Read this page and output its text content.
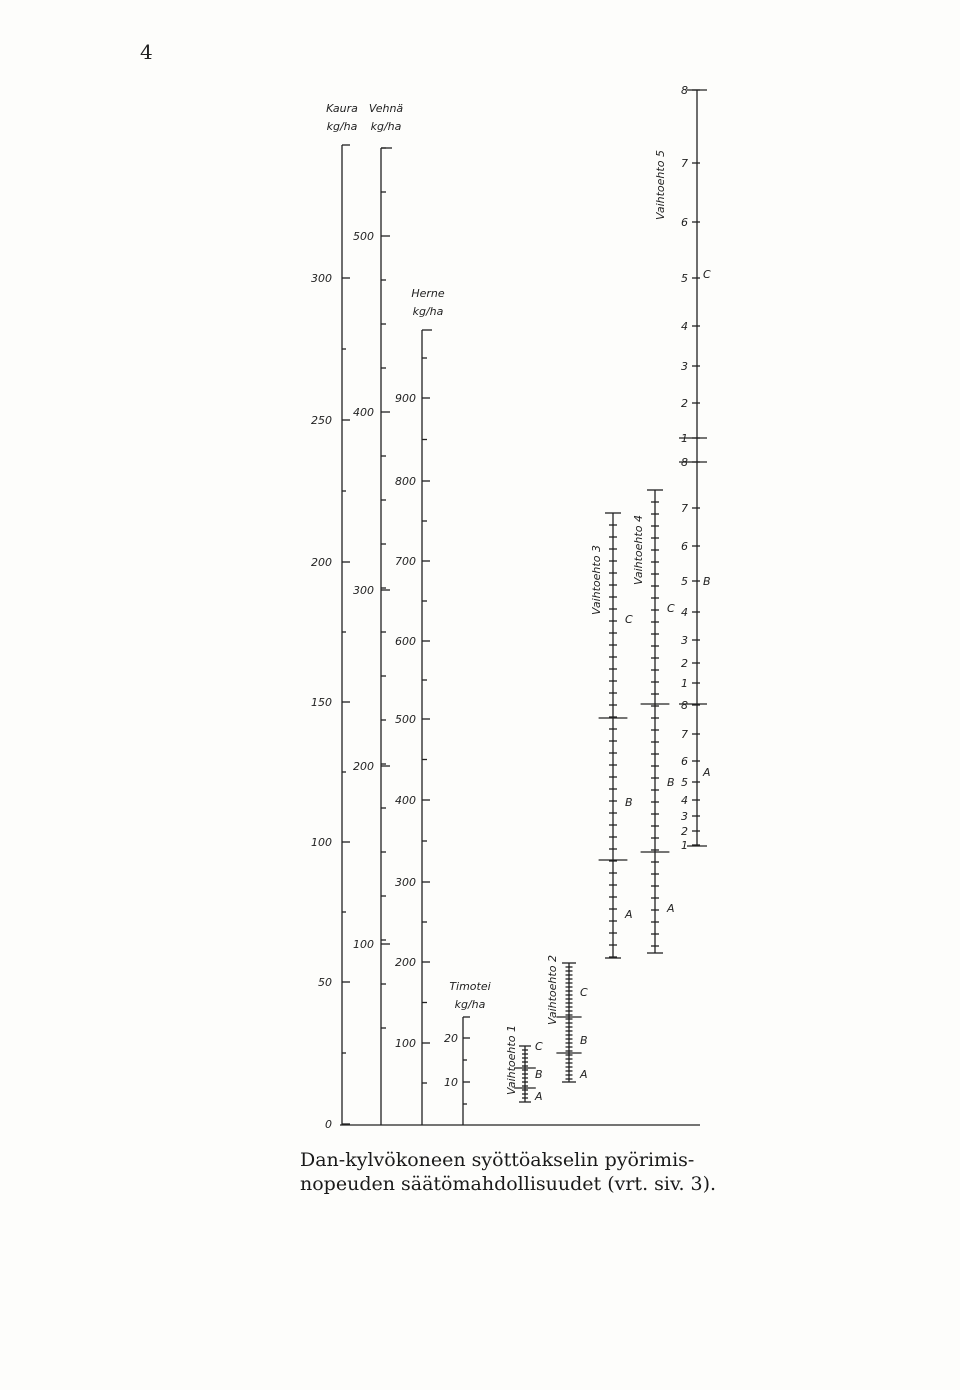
4
Kaura
kg/ha
300
250
200
150
100
50
0
Vehnä
kg/ha
500
400
300
200
100
Herne
kg/ha
900
800
700
600
500
400
300
200
100
Timotei
kg/ha
20
10
C
B
A
Vaihtoehto 1
C
B
A
Vaihtoehto 2
C
B
A
Vaihtoehto 3	C
B
A
Vaihtoehto 4
8
7
6
5
4
3
2
1
8
7
6
5
4
3
2
1
8
7
6
5
4
3
2
1
C
B
A
Vaihtoehto 5
Dan-kylvökoneen syöttöakselin pyörimis-
nopeuden säätömahdollisuudet (vrt. siv. 3).
